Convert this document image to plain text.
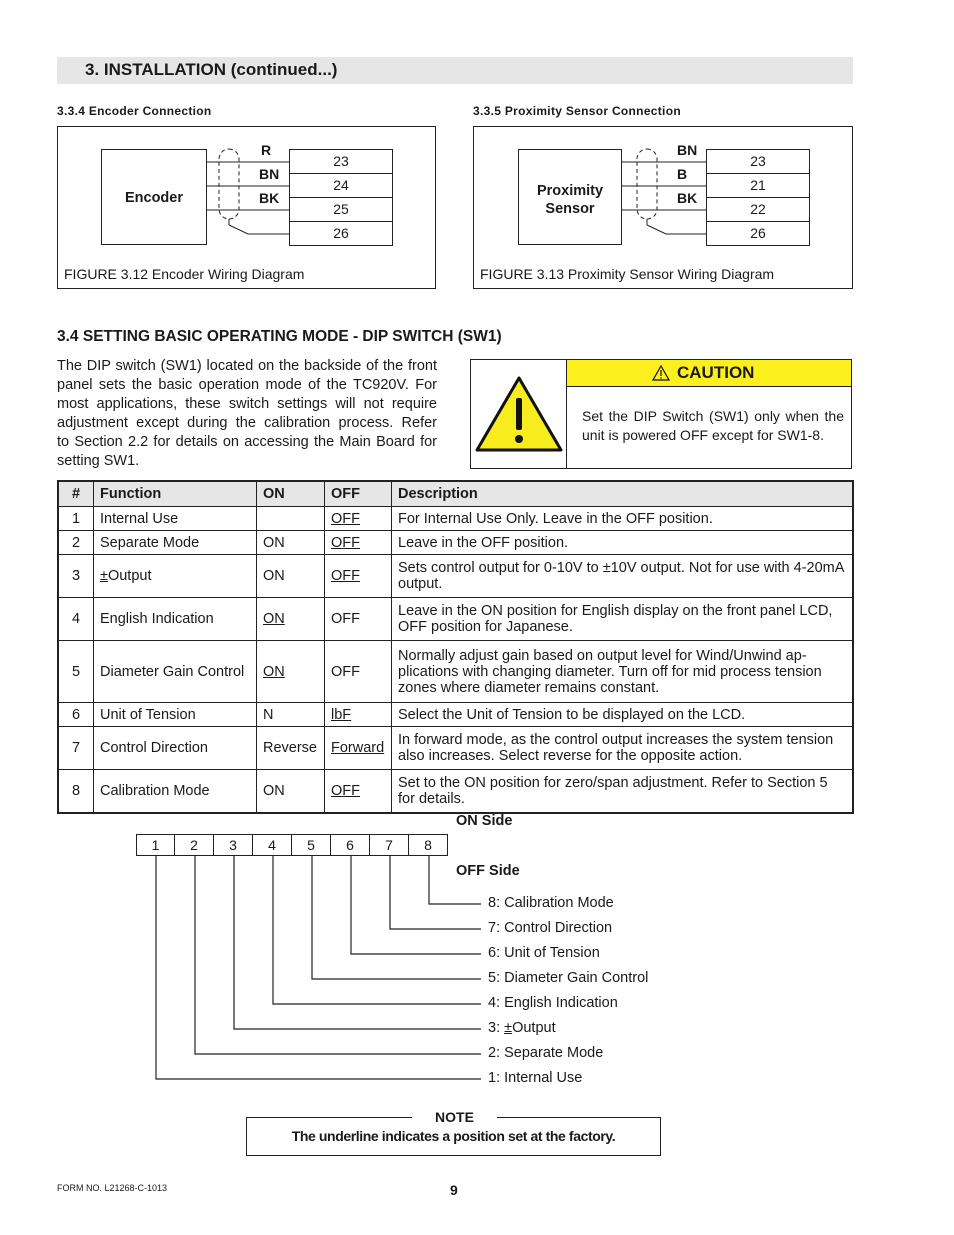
3. INSTALLATION (continued...)
3.3.4 Encoder Connection
Encoder
R
BN
BK
23
24
25
26
FIGURE 3.12 Encoder Wiring Diagram
3.3.5 Proximity Sensor Connection
Proximity
Sensor
BN
B
BK
23
21
22
26
FIGURE 3.13 Proximity Sensor Wiring Diagram
3.4 SETTING BASIC OPERATING MODE - DIP SWITCH (SW1)
The DIP switch (SW1) located on the backside of the front
panel sets the basic operation mode of the TC920V. For
most applications, these switch settings will not require
adjustment except during the calibration process. Refer
to Section 2.2 for details on accessing the Main Board for
setting SW1.
CAUTION
Set the DIP Switch (SW1) only when the
unit is powered OFF except for SW1-8.
#	Function	ON	OFF	Description
1	Internal Use		OFF	For Internal Use Only. Leave in the OFF position.
2	Separate Mode	ON	OFF	Leave in the OFF position.
3	±Output	ON	OFF	Sets control output for 0-10V to ±10V output. Not for use with 4-20mA output.
4	English Indication	ON	OFF	Leave in the ON position for English display on the front panel LCD, OFF position for Japanese.
5	Diameter Gain Control	ON	OFF	Normally adjust gain based on output level for Wind/Unwind ap-plications with changing diameter. Turn off for mid process tension zones where diameter remains constant.
6	Unit of Tension	N	lbF	Select the Unit of Tension to be displayed on the LCD.
7	Control Direction	Reverse	Forward	In forward mode, as the control output increases the system tension also increases. Select reverse for the opposite action.
8	Calibration Mode	ON	OFF	Set to the ON position for zero/span adjustment. Refer to Section 5 for details.
ON Side
OFF Side
1	2	3	4	5	6	7	8
8: Calibration Mode
7: Control Direction
6: Unit of Tension
5: Diameter Gain Control
4: English Indication
3: ±Output
2: Separate Mode
1: Internal Use
NOTE
The underline indicates a position set at the factory.
FORM NO. L21268-C-1013	9
